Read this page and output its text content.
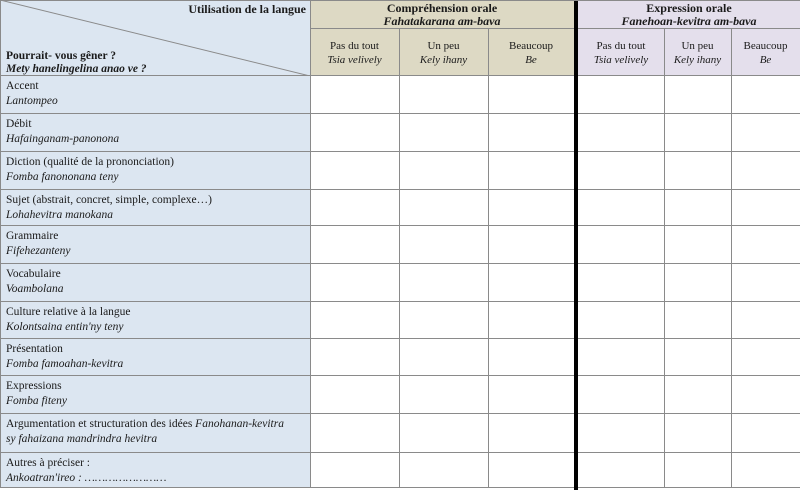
Utilisation de la langue
Pourrait- vous gêner ?
Mety hanelingelina anao ve ?
Compréhension orale
Fahatakarana am-bava
Pas du tout
Tsia velively
Un peu
Kely ihany
Beaucoup
Be
Expression orale
Fanehoan-kevitra am-bava
Pas du tout
Tsia velively
Un peu
Kely ihany
Beaucoup
Be
Accent
Lantompeo
Débit
Hafainganam-panonona
Diction (qualité de la prononciation)
Fomba fanononana teny
Sujet (abstrait, concret, simple, complexe…)
Lohahevitra manokana
Grammaire
Fifehezanteny
Vocabulaire
Voambolana
Culture relative à la langue
Kolontsaina entin'ny teny
Présentation
Fomba famoahan-kevitra
Expressions
Fomba fiteny
Argumentation et structuration des idées Fanohanan-kevitra
sy fahaizana mandrindra hevitra
Autres à préciser :
Ankoatran'ireo : ……………………
